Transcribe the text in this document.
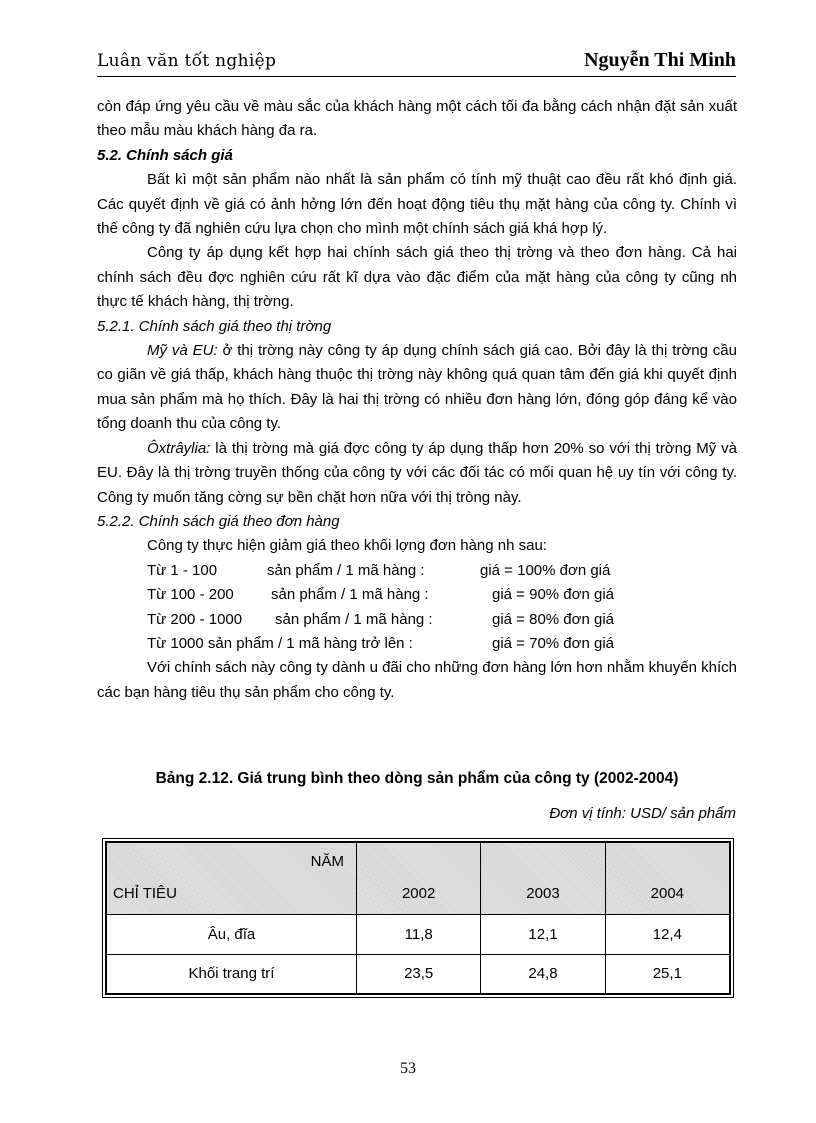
Luân văn tốt nghiệp	Nguyễn Thi Minh

còn đáp ứng yêu cầu về màu sắc của khách hàng một cách tối đa bằng cách nhận đặt sản xuất theo mẫu màu khách hàng đa ra.

5.2. Chính sách giá

Bất kì một sản phẩm nào nhất là sản phẩm có tính mỹ thuật cao đều rất khó định giá. Các quyết định về giá có ảnh hởng lớn đến hoạt động tiêu thụ mặt hàng của công ty. Chính vì thế công ty đã nghiên cứu lựa chọn cho mình một chính sách giá khá hợp lý.

Công ty áp dụng kết hợp hai chính sách giá theo thị trờng và theo đơn hàng. Cả hai chính sách đều đợc nghiên cứu rất kĩ dựa vào đặc điểm của mặt hàng của công ty cũng nh thực tế khách hàng, thị trờng.

5.2.1. Chính sách giá theo thị trờng

Mỹ và EU: ở thị trờng này công ty áp dụng chính sách giá cao. Bởi đây là thị trờng cầu co giãn về giá thấp, khách hàng thuộc thị trờng này không quá quan tâm đến giá khi quyết định mua sản phẩm mà họ thích. Đây là hai thị trờng có nhiều đơn hàng lớn, đóng góp đáng kể vào tổng doanh thu của công ty.

Ôxtrâylia: là thị trờng mà giá đợc công ty áp dụng thấp hơn 20% so với thị trờng Mỹ và EU. Đây là thị trờng truyền thống của công ty với các đối tác có mối quan hệ uy tín với công ty. Công ty muốn tăng cờng sự bền chặt hơn nữa với thị tròng này.

5.2.2. Chính sách giá theo đơn hàng

Công ty thực hiện giảm giá theo khối lợng đơn hàng nh sau:

Từ 1 - 100	sản phẩm / 1 mã hàng :	giá = 100% đơn giá
Từ 100 - 200 sản phẩm / 1 mã hàng :	giá = 90% đơn giá
Từ 200 - 1000 sản phẩm / 1 mã hàng :	giá = 80% đơn giá
Từ 1000 sản phẩm / 1 mã hàng trở lên :	giá = 70% đơn giá

Với chính sách này công ty dành u đãi cho những đơn hàng lớn hơn nhằm khuyến khích các bạn hàng tiêu thụ sản phẩm cho công ty.

Bảng 2.12. Giá trung bình theo dòng sản phẩm của công ty (2002-2004)
Đơn vị tính: USD/ sản phẩm
NĂM
CHỈ TIÊU	2002	2003	2004
Âu, đĩa	11,8	12,1	12,4
Khối trang trí	23,5	24,8	25,1
53
